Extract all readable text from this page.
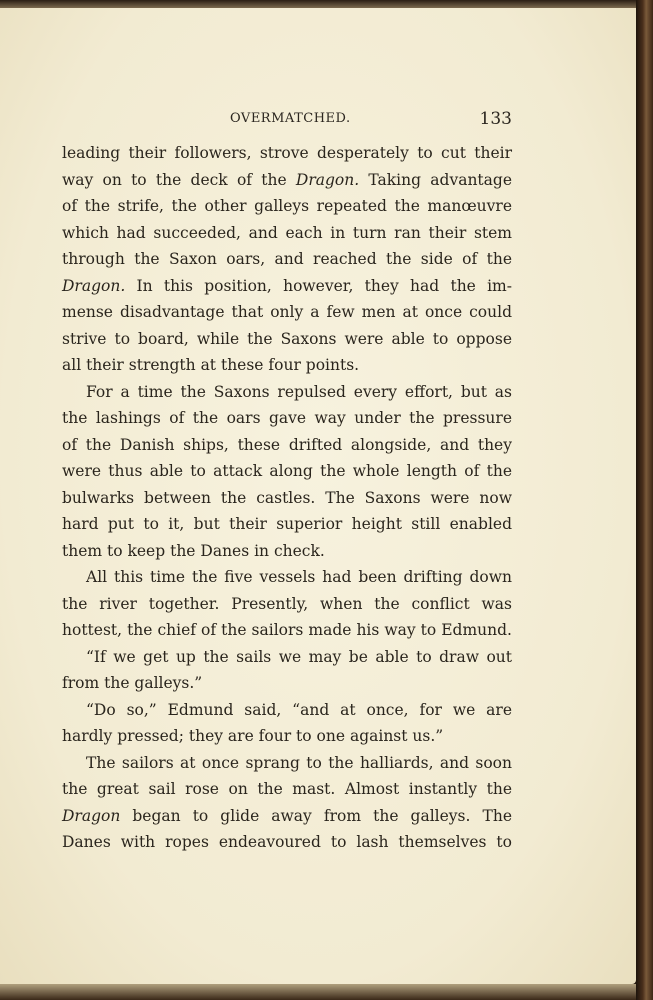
OVERMATCHED.	133
leading their followers, strove desperately to cut their
way on to the deck of the Dragon. Taking advantage
of the strife, the other galleys repeated the manœuvre
which had succeeded, and each in turn ran their stem
through the Saxon oars, and reached the side of the
Dragon. In this position, however, they had the im-
mense disadvantage that only a few men at once could
strive to board, while the Saxons were able to oppose
all their strength at these four points.
For a time the Saxons repulsed every effort, but as
the lashings of the oars gave way under the pressure
of the Danish ships, these drifted alongside, and they
were thus able to attack along the whole length of the
bulwarks between the castles. The Saxons were now
hard put to it, but their superior height still enabled
them to keep the Danes in check.
All this time the five vessels had been drifting down
the river together. Presently, when the conflict was
hottest, the chief of the sailors made his way to Edmund.
“If we get up the sails we may be able to draw out
from the galleys.”
“Do so,” Edmund said, “and at once, for we are
hardly pressed; they are four to one against us.”
The sailors at once sprang to the halliards, and soon
the great sail rose on the mast. Almost instantly the
Dragon began to glide away from the galleys. The
Danes with ropes endeavoured to lash themselves to
